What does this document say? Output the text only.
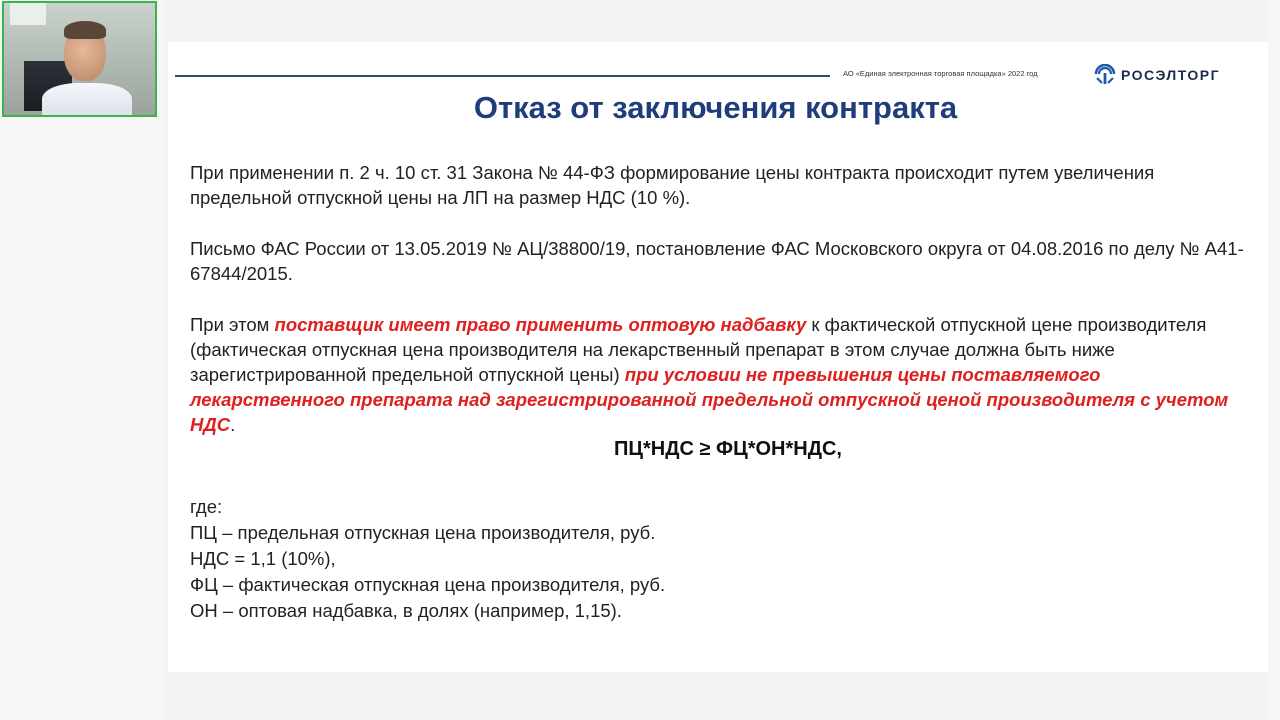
АО «Единая электронная торговая площадка» 2022 год	РОСЭЛТОРГ
Отказ от заключения контракта
При применении п. 2 ч. 10 ст. 31 Закона № 44-ФЗ формирование цены контракта происходит путем увеличения предельной отпускной цены на ЛП на размер НДС (10 %).
Письмо ФАС России от 13.05.2019 № АЦ/38800/19, постановление ФАС Московского округа от 04.08.2016 по делу № А41-67844/2015.
При этом поставщик имеет право применить оптовую надбавку к фактической отпускной цене производителя (фактическая отпускная цена производителя на лекарственный препарат в этом случае должна быть ниже зарегистрированной предельной отпускной цены) при условии не превышения цены поставляемого лекарственного препарата над зарегистрированной предельной отпускной ценой производителя с учетом НДС.
ПЦ*НДС ≥ ФЦ*ОН*НДС,
где:
ПЦ – предельная отпускная цена производителя, руб.
НДС = 1,1 (10%),
ФЦ – фактическая отпускная цена производителя, руб.
ОН – оптовая надбавка, в долях (например, 1,15).
